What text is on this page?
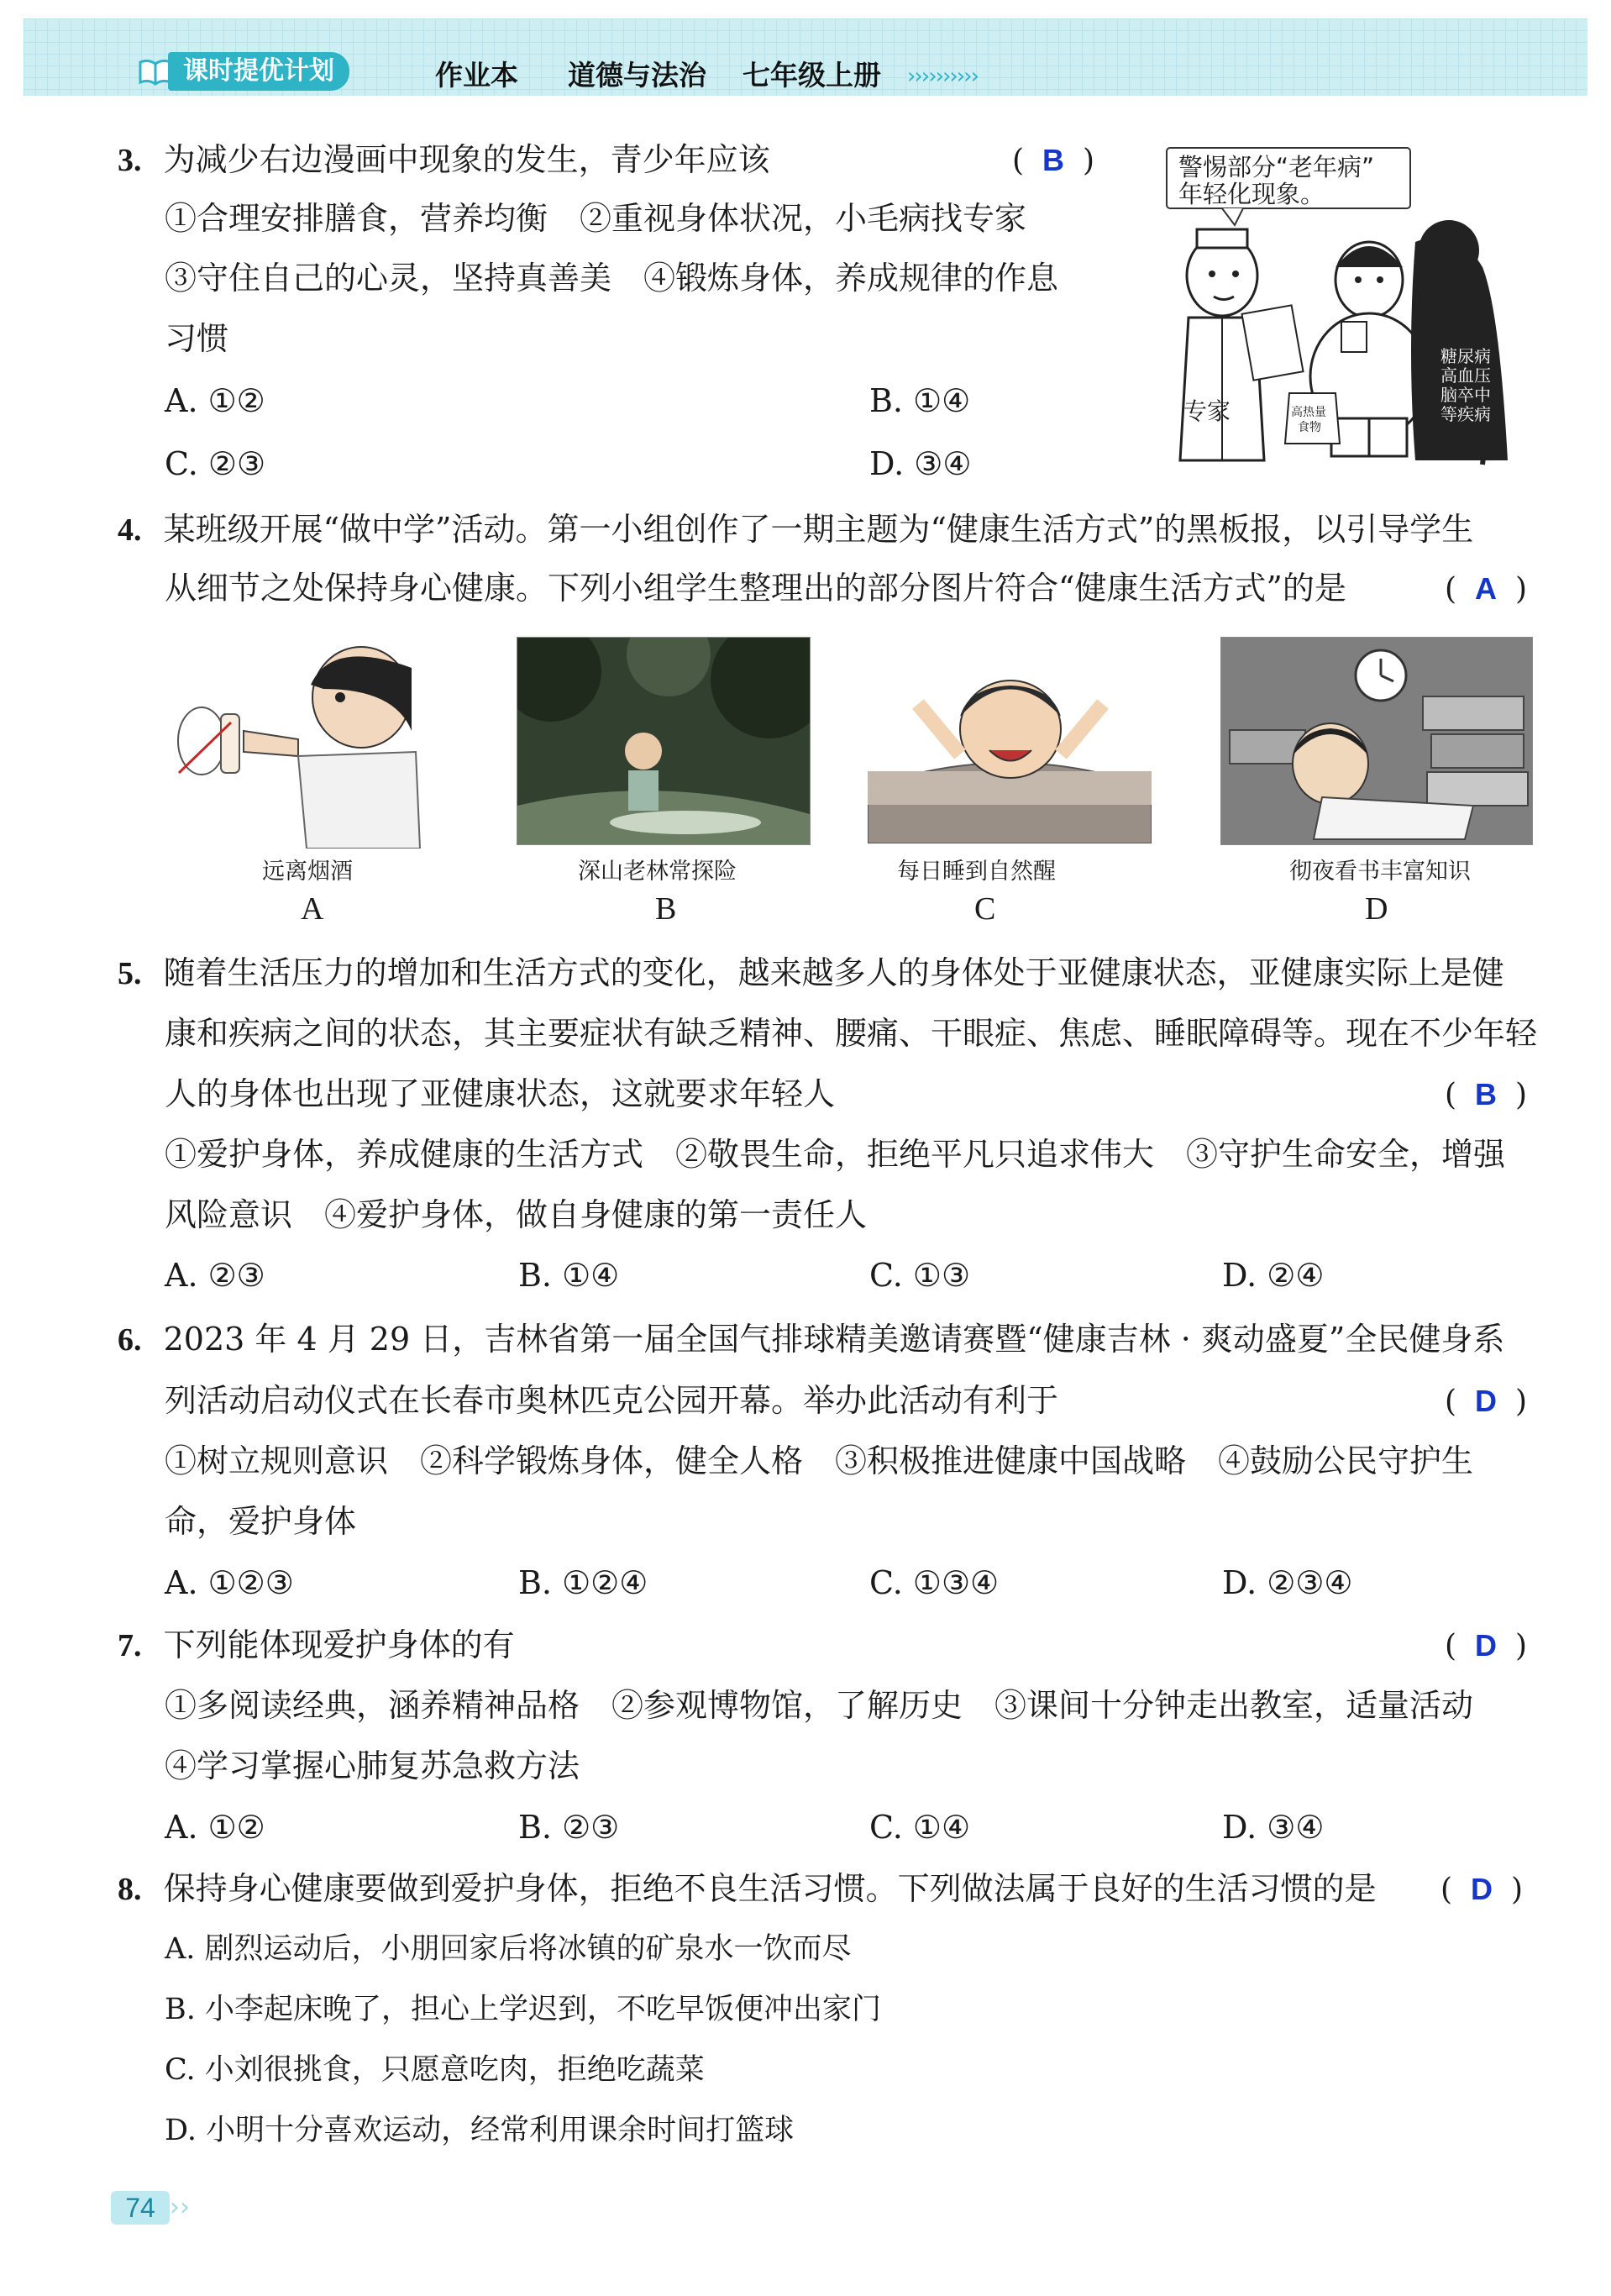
课时提优计划	作业本 道德与法治 七年级上册 ››››››››››
3. 为减少右边漫画中现象的发生，青少年应该	( B )
①合理安排膳食，营养均衡　②重视身体状况，小毛病找专家
③守住自己的心灵，坚持真善美　④锻炼身体，养成规律的作息
习惯
A. ①②	B. ①④
C. ②③	D. ③④
警惕部分“老年病”
年轻化现象。
专家	高热量
食物
糖尿病
高血压
脑卒中
等疾病
4. 某班级开展“做中学”活动。第一小组创作了一期主题为“健康生活方式”的黑板报，以引导学生
从细节之处保持身心健康。下列小组学生整理出的部分图片符合“健康生活方式”的是	( A )
远离烟酒	深山老林常探险	每日睡到自然醒	彻夜看书丰富知识
A	B	C	D
5. 随着生活压力的增加和生活方式的变化，越来越多人的身体处于亚健康状态，亚健康实际上是健
康和疾病之间的状态，其主要症状有缺乏精神、腰痛、干眼症、焦虑、睡眠障碍等。现在不少年轻
人的身体也出现了亚健康状态，这就要求年轻人	( B )
①爱护身体，养成健康的生活方式　②敬畏生命，拒绝平凡只追求伟大　③守护生命安全，增强
风险意识　④爱护身体，做自身健康的第一责任人
A. ②③	B. ①④	C. ①③	D. ②④
6. 2023 年 4 月 29 日，吉林省第一届全国气排球精美邀请赛暨“健康吉林 · 爽动盛夏”全民健身系
列活动启动仪式在长春市奥林匹克公园开幕。举办此活动有利于	( D )
①树立规则意识　②科学锻炼身体，健全人格　③积极推进健康中国战略　④鼓励公民守护生
命，爱护身体
A. ①②③	B. ①②④	C. ①③④	D. ②③④
7. 下列能体现爱护身体的有	( D )
①多阅读经典，涵养精神品格　②参观博物馆，了解历史　③课间十分钟走出教室，适量活动
④学习掌握心肺复苏急救方法
A. ①②	B. ②③	C. ①④	D. ③④
8. 保持身心健康要做到爱护身体，拒绝不良生活习惯。下列做法属于良好的生活习惯的是 ( D )
A. 剧烈运动后，小朋回家后将冰镇的矿泉水一饮而尽
B. 小李起床晚了，担心上学迟到，不吃早饭便冲出家门
C. 小刘很挑食，只愿意吃肉，拒绝吃蔬菜
D. 小明十分喜欢运动，经常利用课余时间打篮球
74 ››
